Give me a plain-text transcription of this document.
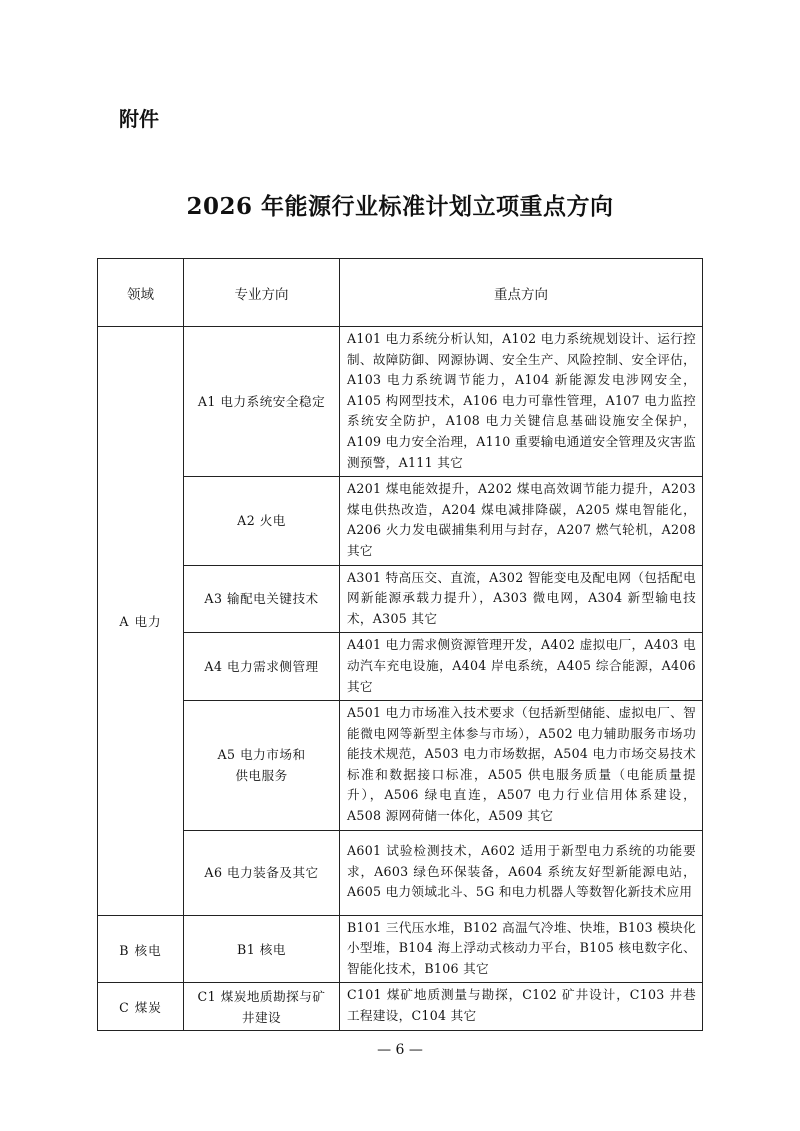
附件
2026 年能源行业标准计划立项重点方向
领域	专业方向	重点方向
A 电力	A1 电力系统安全稳定	A101 电力系统分析认知，A102 电力系统规划设计、运行控制、故障防御、网源协调、安全生产、风险控制、安全评估，A103 电力系统调节能力，A104 新能源发电涉网安全，A105 构网型技术，A106 电力可靠性管理，A107 电力监控系统安全防护，A108 电力关键信息基础设施安全保护，A109 电力安全治理，A110 重要输电通道安全管理及灾害监测预警，A111 其它

	A2 火电	A201 煤电能效提升，A202 煤电高效调节能力提升，A203 煤电供热改造，A204 煤电减排降碳，A205 煤电智能化，A206 火力发电碳捕集利用与封存，A207 燃气轮机，A208 其它

	A3 输配电关键技术	A301 特高压交、直流，A302 智能变电及配电网（包括配电网新能源承载力提升），A303 微电网，A304 新型输电技术，A305 其它

	A4 电力需求侧管理	A401 电力需求侧资源管理开发，A402 虚拟电厂，A403 电动汽车充电设施，A404 岸电系统，A405 综合能源，A406 其它

	A5 电力市场和
供电服务	A501 电力市场准入技术要求（包括新型储能、虚拟电厂、智能微电网等新型主体参与市场），A502 电力辅助服务市场功能技术规范，A503 电力市场数据，A504 电力市场交易技术标准和数据接口标准，A505 供电服务质量（电能质量提升），A506 绿电直连，A507 电力行业信用体系建设，A508 源网荷储一体化，A509 其它

	A6 电力装备及其它	A601 试验检测技术，A602 适用于新型电力系统的功能要求，A603 绿色环保装备，A604 系统友好型新能源电站，A605 电力领域北斗、5G 和电力机器人等数智化新技术应用
B 核电	B1 核电	B101 三代压水堆，B102 高温气冷堆、快堆，B103 模块化小型堆，B104 海上浮动式核动力平台，B105 核电数字化、智能化技术，B106 其它
C 煤炭	C1 煤炭地质勘探与矿
井建设	C101 煤矿地质测量与勘探，C102 矿井设计，C103 井巷工程建设，C104 其它
— 6 —
